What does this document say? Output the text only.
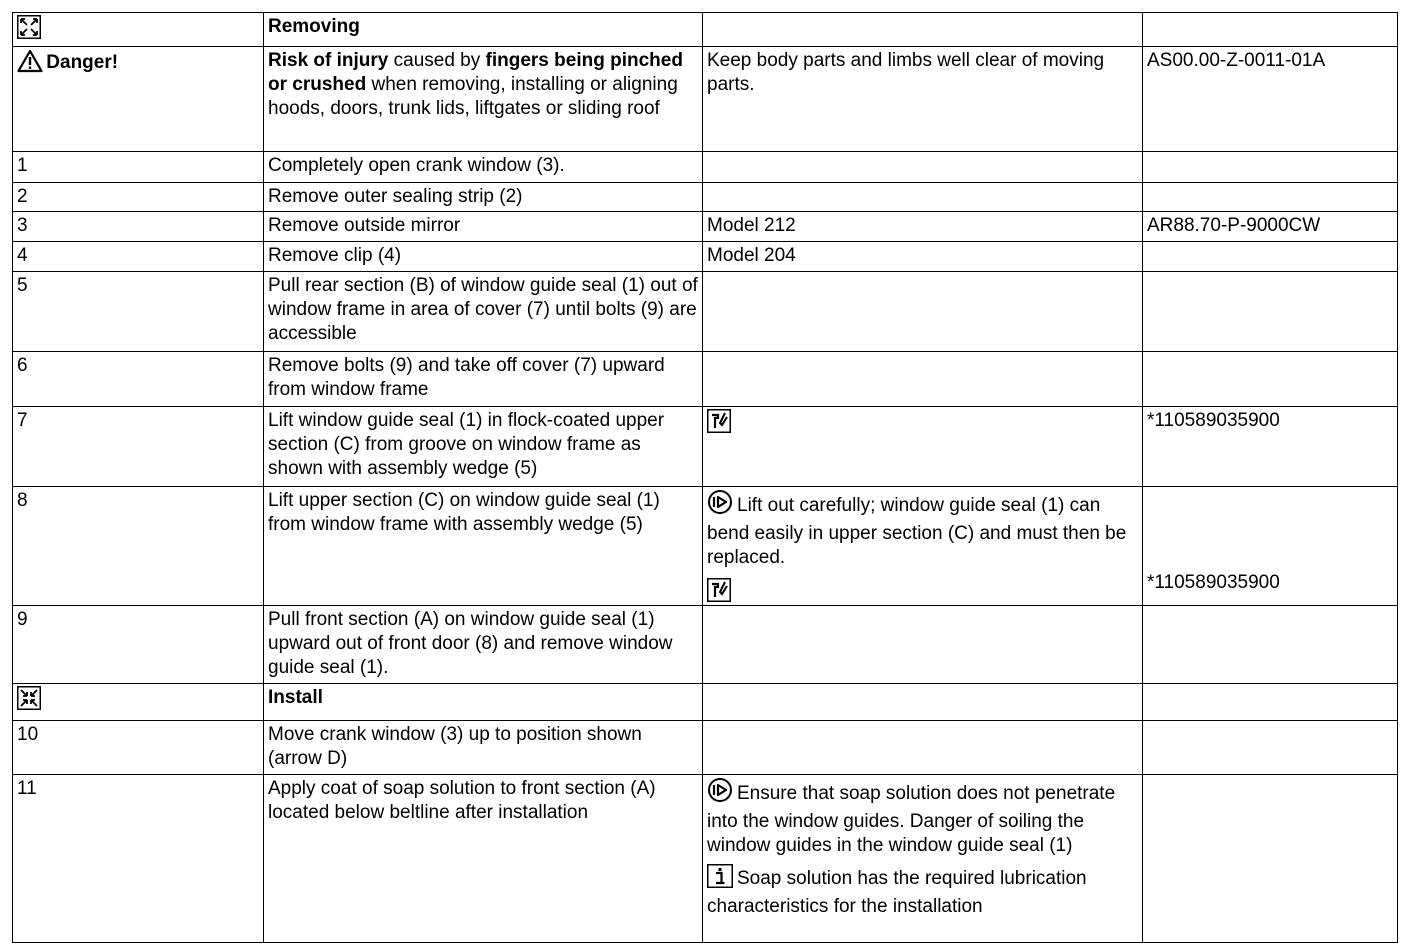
	Removing		

Danger!	Risk of injury caused by fingers being pinched or crushed when removing, installing or aligning hoods, doors, trunk lids, liftgates or sliding roof	Keep body parts and limbs well clear of moving parts.	AS00.00-Z-0011-01A
1	Completely open crank window (3).		
2	Remove outer sealing strip (2)		
3	Remove outside mirror	Model 212	AR88.70-P-9000CW
4	Remove clip (4)	Model 204	
5	Pull rear section (B) of window guide seal (1) out of window frame in area of cover (7) until bolts (9) are accessible		
6	Remove bolts (9) and take off cover (7) upward from window frame		
7	Lift window guide seal (1) in flock-coated upper section (C) from groove on window frame as shown with assembly wedge (5)		*110589035900
8	Lift upper section (C) on window guide seal (1) from window frame with assembly wedge (5)	Lift out carefully; window guide seal (1) can bend easily in upper section (C) and must then be replaced.	*110589035900

9	Pull front section (A) on window guide seal (1) upward out of front door (8) and remove window guide seal (1).		

	Install		
10	Move crank window (3) up to position shown (arrow D)		
11	Apply coat of soap solution to front section (A) located below beltline after installation	Ensure that soap solution does not penetrate into the window guides. Danger of soiling the window guides in the window guide seal (1)
Soap solution has the required lubrication characteristics for the installation	
